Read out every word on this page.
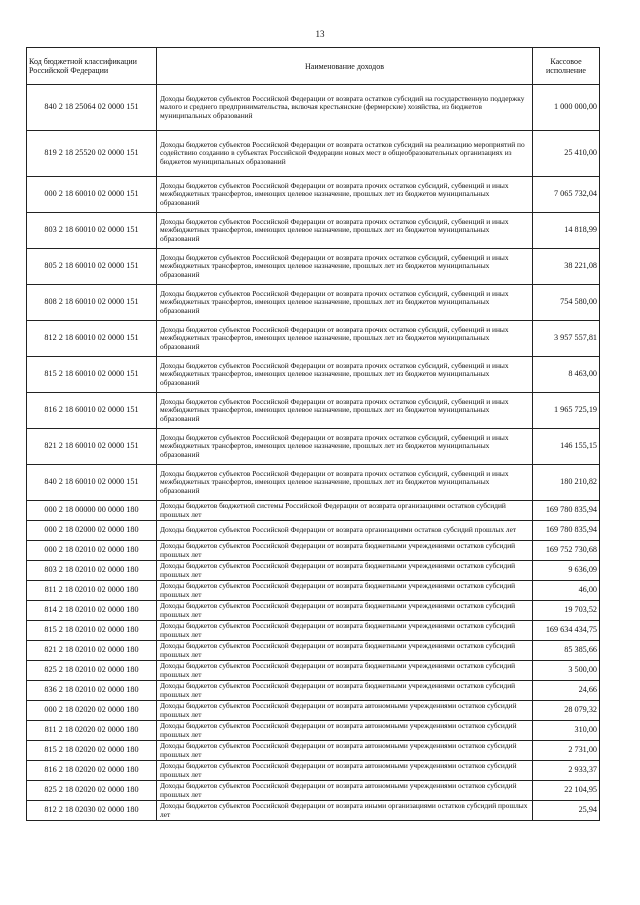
13
Код бюджетной классификации Российской Федерации	Наименование доходов	Кассовое исполнение
840 2 18 25064 02 0000 151	Доходы бюджетов субъектов Российской Федерации от возврата остатков субсидий на государственную поддержку малого и среднего предпринимательства, включая крестьянские (фермерские) хозяйства, из бюджетов муниципальных образований	1 000 000,00
819 2 18 25520 02 0000 151	Доходы бюджетов субъектов Российской Федерации от возврата остатков субсидий на реализацию мероприятий по содействию созданию в субъектах Российской Федерации новых мест в общеобразовательных организациях из бюджетов муниципальных образований	25 410,00
000 2 18 60010 02 0000 151	Доходы бюджетов субъектов Российской Федерации от возврата прочих остатков субсидий, субвенций и иных межбюджетных трансфертов, имеющих целевое назначение, прошлых лет из бюджетов муниципальных образований	7 065 732,04
803 2 18 60010 02 0000 151	Доходы бюджетов субъектов Российской Федерации от возврата прочих остатков субсидий, субвенций и иных межбюджетных трансфертов, имеющих целевое назначение, прошлых лет из бюджетов муниципальных образований	14 818,99
805 2 18 60010 02 0000 151	Доходы бюджетов субъектов Российской Федерации от возврата прочих остатков субсидий, субвенций и иных межбюджетных трансфертов, имеющих целевое назначение, прошлых лет из бюджетов муниципальных образований	38 221,08
808 2 18 60010 02 0000 151	Доходы бюджетов субъектов Российской Федерации от возврата прочих остатков субсидий, субвенций и иных межбюджетных трансфертов, имеющих целевое назначение, прошлых лет из бюджетов муниципальных образований	754 580,00
812 2 18 60010 02 0000 151	Доходы бюджетов субъектов Российской Федерации от возврата прочих остатков субсидий, субвенций и иных межбюджетных трансфертов, имеющих целевое назначение, прошлых лет из бюджетов муниципальных образований	3 957 557,81
815 2 18 60010 02 0000 151	Доходы бюджетов субъектов Российской Федерации от возврата прочих остатков субсидий, субвенций и иных межбюджетных трансфертов, имеющих целевое назначение, прошлых лет из бюджетов муниципальных образований	8 463,00
816 2 18 60010 02 0000 151	Доходы бюджетов субъектов Российской Федерации от возврата прочих остатков субсидий, субвенций и иных межбюджетных трансфертов, имеющих целевое назначение, прошлых лет из бюджетов муниципальных образований	1 965 725,19
821 2 18 60010 02 0000 151	Доходы бюджетов субъектов Российской Федерации от возврата прочих остатков субсидий, субвенций и иных межбюджетных трансфертов, имеющих целевое назначение, прошлых лет из бюджетов муниципальных образований	146 155,15
840 2 18 60010 02 0000 151	Доходы бюджетов субъектов Российской Федерации от возврата прочих остатков субсидий, субвенций и иных межбюджетных трансфертов, имеющих целевое назначение, прошлых лет из бюджетов муниципальных образований	180 210,82
000 2 18 00000 00 0000 180	Доходы бюджетов бюджетной системы Российской Федерации от возврата организациями остатков субсидий прошлых лет	169 780 835,94
000 2 18 02000 02 0000 180	Доходы бюджетов субъектов Российской Федерации от возврата организациями остатков субсидий прошлых лет	169 780 835,94
000 2 18 02010 02 0000 180	Доходы бюджетов субъектов Российской Федерации от возврата бюджетными учреждениями остатков субсидий прошлых лет	169 752 730,68
803 2 18 02010 02 0000 180	Доходы бюджетов субъектов Российской Федерации от возврата бюджетными учреждениями остатков субсидий прошлых лет	9 636,09
811 2 18 02010 02 0000 180	Доходы бюджетов субъектов Российской Федерации от возврата бюджетными учреждениями остатков субсидий прошлых лет	46,00
814 2 18 02010 02 0000 180	Доходы бюджетов субъектов Российской Федерации от возврата бюджетными учреждениями остатков субсидий прошлых лет	19 703,52
815 2 18 02010 02 0000 180	Доходы бюджетов субъектов Российской Федерации от возврата бюджетными учреждениями остатков субсидий прошлых лет	169 634 434,75
821 2 18 02010 02 0000 180	Доходы бюджетов субъектов Российской Федерации от возврата бюджетными учреждениями остатков субсидий прошлых лет	85 385,66
825 2 18 02010 02 0000 180	Доходы бюджетов субъектов Российской Федерации от возврата бюджетными учреждениями остатков субсидий прошлых лет	3 500,00
836 2 18 02010 02 0000 180	Доходы бюджетов субъектов Российской Федерации от возврата бюджетными учреждениями остатков субсидий прошлых лет	24,66
000 2 18 02020 02 0000 180	Доходы бюджетов субъектов Российской Федерации от возврата автономными учреждениями остатков субсидий прошлых лет	28 079,32
811 2 18 02020 02 0000 180	Доходы бюджетов субъектов Российской Федерации от возврата автономными учреждениями остатков субсидий прошлых лет	310,00
815 2 18 02020 02 0000 180	Доходы бюджетов субъектов Российской Федерации от возврата автономными учреждениями остатков субсидий прошлых лет	2 731,00
816 2 18 02020 02 0000 180	Доходы бюджетов субъектов Российской Федерации от возврата автономными учреждениями остатков субсидий прошлых лет	2 933,37
825 2 18 02020 02 0000 180	Доходы бюджетов субъектов Российской Федерации от возврата автономными учреждениями остатков субсидий прошлых лет	22 104,95
812 2 18 02030 02 0000 180	Доходы бюджетов субъектов Российской Федерации от возврата иными организациями остатков субсидий прошлых лет	25,94
